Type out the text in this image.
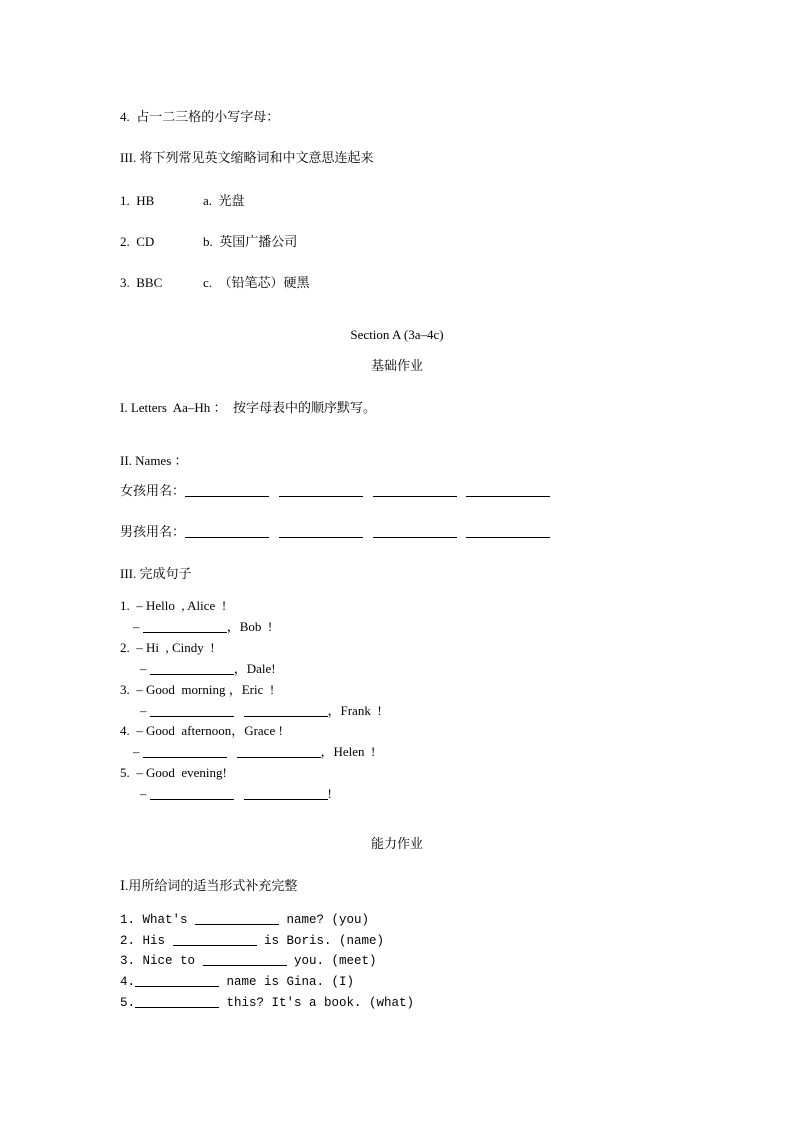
4.  占一二三格的小写字母：
III. 将下列常见英文缩略词和中文意思连起来
1.  HB	a.  光盘
2.  CD	b.  英国广播公司
3.  BBC	c.  （铅笔芯）硬黑
Section A (3a–4c)
基础作业
I. Letters  Aa–Hh ：  按字母表中的顺序默写。
II. Names ：
女孩用名：
男孩用名：
III. 完成句子
1.  – Hello  , Alice  !
–	，Bob  !
2.  – Hi  , Cindy  !
–	，Dale!
3.  – Good  morning ，Eric  !
–	，Frank  !
4.  – Good  afternoon，Grace !
–	，Helen  !
5.  – Good  evening!
–	!
能力作业
Ⅰ.用所给词的适当形式补充完整
1. What's	name? (you)
2. His	is Boris. (name)
3. Nice to	you. (meet)
4.	name is Gina. (I)
5.	this? It's a book. (what)
